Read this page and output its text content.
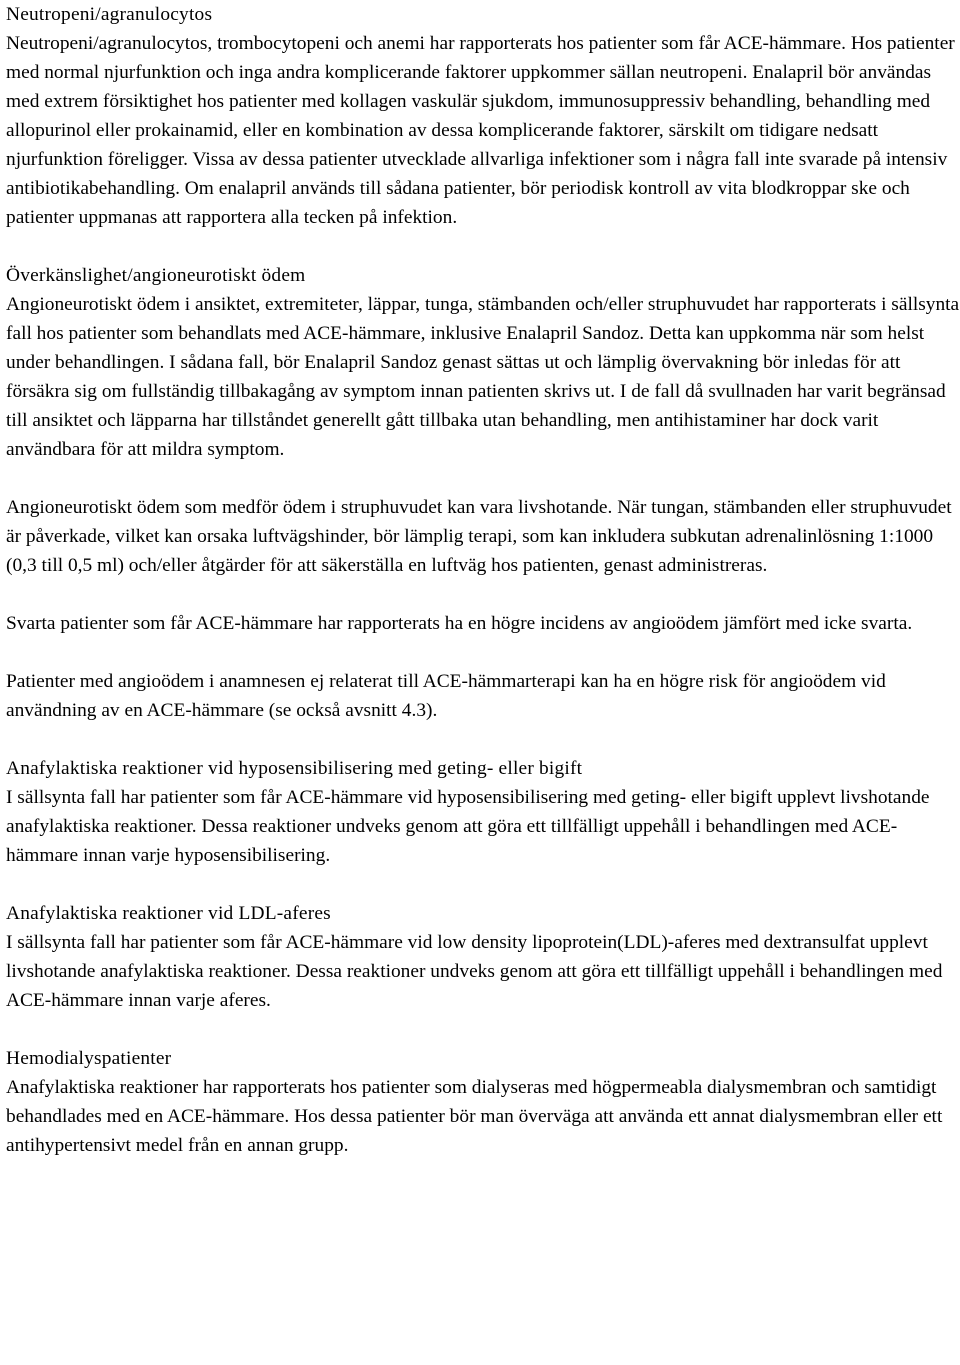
Neutropeni/agranulocytos

Neutropeni/agranulocytos, trombocytopeni och anemi har rapporterats hos patienter som får ACE-hämmare. Hos patienter med normal njurfunktion och inga andra komplicerande faktorer uppkommer sällan neutropeni. Enalapril bör användas med extrem försiktighet hos patienter med kollagen vaskulär sjukdom, immunosuppressiv behandling, behandling med allopurinol eller prokainamid, eller en kombination av dessa komplicerande faktorer, särskilt om tidigare nedsatt njurfunktion föreligger. Vissa av dessa patienter utvecklade allvarliga infektioner som i några fall inte svarade på intensiv antibiotikabehandling. Om enalapril används till sådana patienter, bör periodisk kontroll av vita blodkroppar ske och patienter uppmanas att rapportera alla tecken på infektion.

Överkänslighet/angioneurotiskt ödem

Angioneurotiskt ödem i ansiktet, extremiteter, läppar, tunga, stämbanden och/eller struphuvudet har rapporterats i sällsynta fall hos patienter som behandlats med ACE-hämmare, inklusive Enalapril Sandoz. Detta kan uppkomma när som helst under behandlingen. I sådana fall, bör Enalapril Sandoz genast sättas ut och lämplig övervakning bör inledas för att försäkra sig om fullständig tillbakagång av symptom innan patienten skrivs ut. I de fall då svullnaden har varit begränsad till ansiktet och läpparna har tillståndet generellt gått tillbaka utan behandling, men antihistaminer har dock varit användbara för att mildra symptom.

Angioneurotiskt ödem som medför ödem i struphuvudet kan vara livshotande. När tungan, stämbanden eller struphuvudet är påverkade, vilket kan orsaka luftvägshinder, bör lämplig terapi, som kan inkludera subkutan adrenalinlösning 1:1000 (0,3 till 0,5 ml) och/eller åtgärder för att säkerställa en luftväg hos patienten, genast administreras.

Svarta patienter som får ACE-hämmare har rapporterats ha en högre incidens av angioödem jämfört med icke svarta.

Patienter med angioödem i anamnesen ej relaterat till ACE-hämmarterapi kan ha en högre risk för angioödem vid användning av en ACE-hämmare (se också avsnitt 4.3).

Anafylaktiska reaktioner vid hyposensibilisering med geting- eller bigift

I sällsynta fall har patienter som får ACE-hämmare vid hyposensibilisering med geting- eller bigift upplevt livshotande anafylaktiska reaktioner. Dessa reaktioner undveks genom att göra ett tillfälligt uppehåll i behandlingen med ACE-hämmare innan varje hyposensibilisering.

Anafylaktiska reaktioner vid LDL-aferes

I sällsynta fall har patienter som får ACE-hämmare vid low density lipoprotein(LDL)-aferes med dextransulfat upplevt livshotande anafylaktiska reaktioner. Dessa reaktioner undveks genom att göra ett tillfälligt uppehåll i behandlingen med ACE-hämmare innan varje aferes.

Hemodialyspatienter

Anafylaktiska reaktioner har rapporterats hos patienter som dialyseras med högpermeabla dialysmembran och samtidigt behandlades med en ACE-hämmare. Hos dessa patienter bör man överväga att använda ett annat dialysmembran eller ett antihypertensivt medel från en annan grupp.
